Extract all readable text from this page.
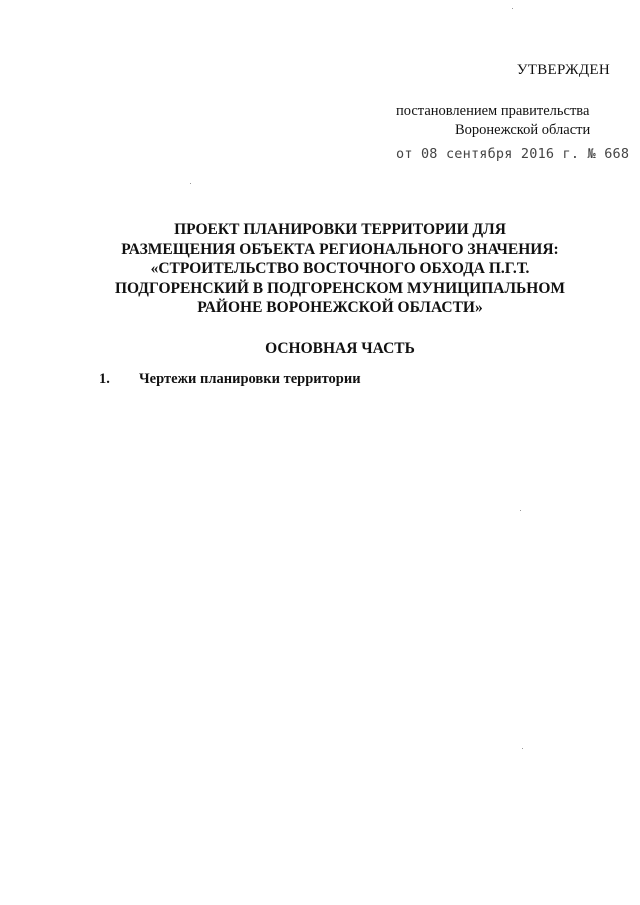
УТВЕРЖДЕН
постановлением правительства
Воронежской области
от 08 сентября 2016 г. № 668
ПРОЕКТ ПЛАНИРОВКИ ТЕРРИТОРИИ ДЛЯ
РАЗМЕЩЕНИЯ ОБЪЕКТА РЕГИОНАЛЬНОГО ЗНАЧЕНИЯ:
«СТРОИТЕЛЬСТВО ВОСТОЧНОГО ОБХОДА П.Г.Т.
ПОДГОРЕНСКИЙ В ПОДГОРЕНСКОМ МУНИЦИПАЛЬНОМ
РАЙОНЕ ВОРОНЕЖСКОЙ ОБЛАСТИ»
ОСНОВНАЯ ЧАСТЬ
1. Чертежи планировки территории
